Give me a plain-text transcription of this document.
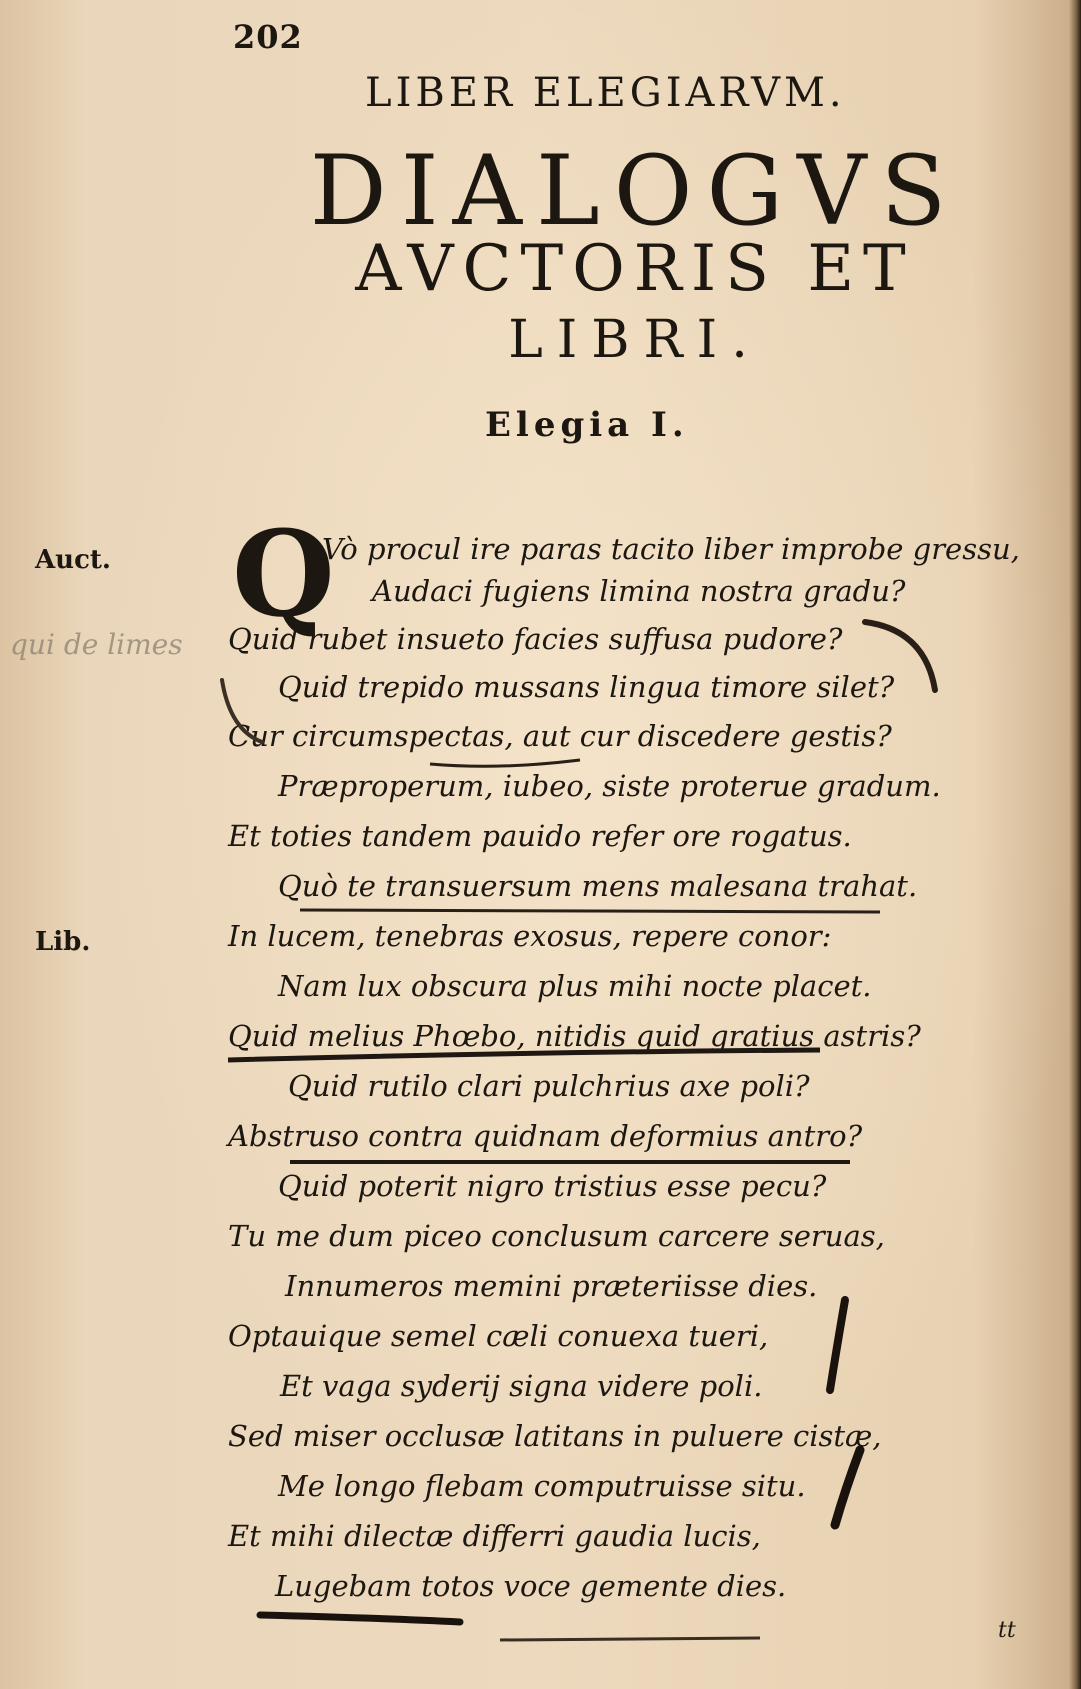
202
LIBER ELEGIARVM.
DIALOGVS
AVCTORIS ET
LIBRI.
Elegia I.
Auct.
Lib.
qui de limes
Q
Vò procul ire paras tacito liber improbe gressu,
Audaci fugiens limina nostra gradu?
Quid rubet insueto facies suffusa pudore?
Quid trepido mussans lingua timore silet?
Cur circumspectas, aut cur discedere gestis?
Præproperum, iubeo, siste proterue gradum.
Et toties tandem pauido refer ore rogatus.
Quò te transuersum mens malesana trahat.
In lucem, tenebras exosus, repere conor:
Nam lux obscura plus mihi nocte placet.
Quid melius Phœbo, nitidis quid gratius astris?
Quid rutilo clari pulchrius axe poli?
Abstruso contra quidnam deformius antro?
Quid poterit nigro tristius esse pecu?
Tu me dum piceo conclusum carcere seruas,
Innumeros memini præteriisse dies.
Optauique semel cæli conuexa tueri,
Et vaga syderij signa videre poli.
Sed miser occlusæ latitans in puluere cistæ,
Me longo flebam computruisse situ.
Et mihi dilectæ differri gaudia lucis,
Lugebam totos voce gemente dies.
tt
